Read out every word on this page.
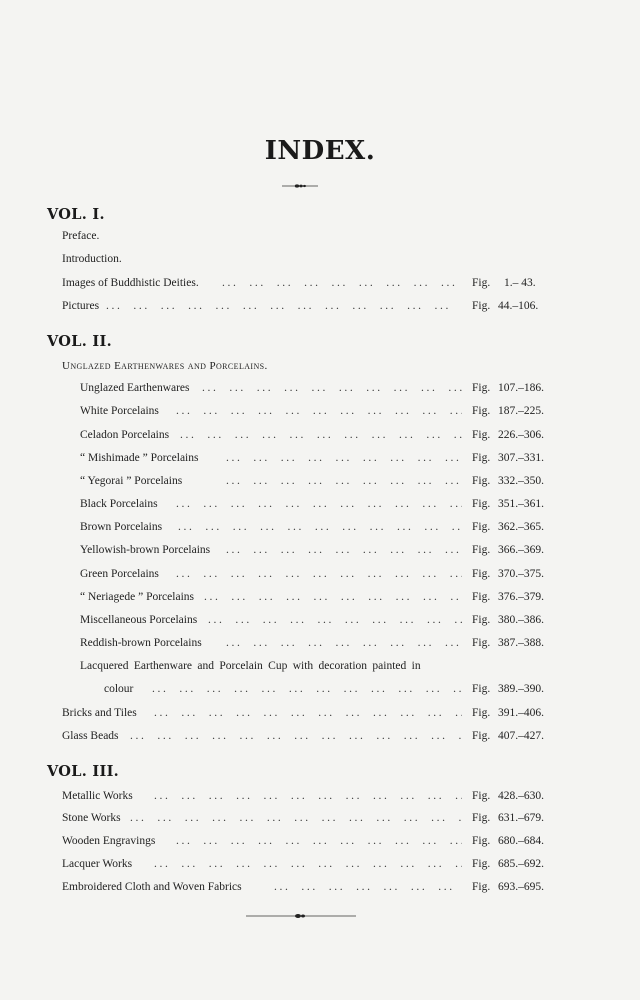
INDEX.
VOL. I.
Preface.
Introduction.
Images of Buddhistic Deities. ...	Fig. 1.– 43.
Pictures ...	Fig. 44.–106.
VOL. II.
Unglazed Earthenwares and Porcelains.
Unglazed Earthenwares ...	Fig. 107.–186.
White Porcelains ...	Fig. 187.–225.
Celadon Porcelains ...	Fig. 226.–306.
“ Mishimade ” Porcelains ...	Fig. 307.–331.
“ Yegorai ” Porcelains ...	Fig. 332.–350.
Black Porcelains ...	Fig. 351.–361.
Brown Porcelains ...	Fig. 362.–365.
Yellowish-brown Porcelains ...	Fig. 366.–369.
Green Porcelains ...	Fig. 370.–375.
“ Neriagede ” Porcelains ...	Fig. 376.–379.
Miscellaneous Porcelains ...	Fig. 380.–386.
Reddish-brown Porcelains ...	Fig. 387.–388.
Lacquered Earthenware and Porcelain Cup with decoration painted in
colour ...	Fig. 389.–390.
Bricks and Tiles ...	Fig. 391.–406.
Glass Beads ...	Fig. 407.–427.
VOL. III.
Metallic Works ...	Fig. 428.–630.
Stone Works ...	Fig. 631.–679.
Wooden Engravings ...	Fig. 680.–684.
Lacquer Works ...	Fig. 685.–692.
Embroidered Cloth and Woven Fabrics ...	Fig. 693.–695.
